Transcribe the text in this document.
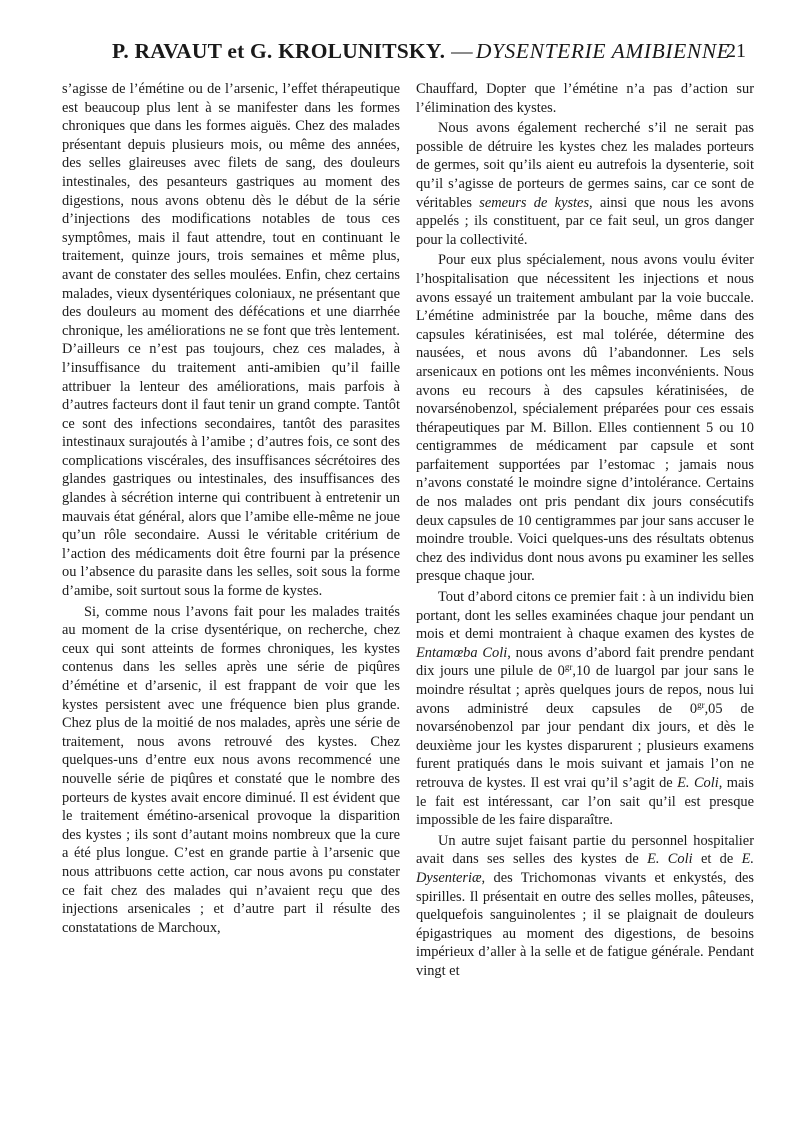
P. RAVAUT et G. KROLUNITSKY. — DYSENTERIE AMIBIENNE
21

s’agisse de l’émétine ou de l’arsenic, l’effet thérapeutique est beaucoup plus lent à se manifester dans les formes chroniques que dans les formes aiguës. Chez des malades présentant depuis plusieurs mois, ou même des années, des selles glaireuses avec filets de sang, des douleurs intestinales, des pesanteurs gastriques au moment des digestions, nous avons obtenu dès le début de la série d’injections des modifications notables de tous ces symptômes, mais il faut attendre, tout en continuant le traitement, quinze jours, trois semaines et même plus, avant de constater des selles moulées. Enfin, chez certains malades, vieux dysentériques coloniaux, ne présentant que des douleurs au moment des défécations et une diarrhée chronique, les améliorations ne se font que très lentement. D’ailleurs ce n’est pas toujours, chez ces malades, à l’insuffisance du traitement anti-amibien qu’il faille attribuer la lenteur des améliorations, mais parfois à d’autres facteurs dont il faut tenir un grand compte. Tantôt ce sont des infections secondaires, tantôt des parasites intestinaux surajoutés à l’amibe ; d’autres fois, ce sont des complications viscérales, des insuffisances sécrétoires des glandes gastriques ou intestinales, des insuffisances des glandes à sécrétion interne qui contribuent à entretenir un mauvais état général, alors que l’amibe elle-même ne joue qu’un rôle secondaire. Aussi le véritable critérium de l’action des médicaments doit être fourni par la présence ou l’absence du parasite dans les selles, soit sous la forme d’amibe, soit surtout sous la forme de kystes.

Si, comme nous l’avons fait pour les malades traités au moment de la crise dysentérique, on recherche, chez ceux qui sont atteints de formes chroniques, les kystes contenus dans les selles après une série de piqûres d’émétine et d’arsenic, il est frappant de voir que les kystes persistent avec une fréquence bien plus grande. Chez plus de la moitié de nos malades, après une série de traitement, nous avons retrouvé des kystes. Chez quelques-uns d’entre eux nous avons recommencé une nouvelle série de piqûres et constaté que le nombre des porteurs de kystes avait encore diminué. Il est évident que le traitement émétino-arsenical provoque la disparition des kystes ; ils sont d’autant moins nombreux que la cure a été plus longue. C’est en grande partie à l’arsenic que nous attribuons cette action, car nous avons pu constater ce fait chez des malades qui n’avaient reçu que des injections arsenicales ; et d’autre part il résulte des constatations de Marchoux,

Chauffard, Dopter que l’émétine n’a pas d’action sur l’élimination des kystes.

Nous avons également recherché s’il ne serait pas possible de détruire les kystes chez les malades porteurs de germes, soit qu’ils aient eu autrefois la dysenterie, soit qu’il s’agisse de porteurs de germes sains, car ce sont de véritables semeurs de kystes, ainsi que nous les avons appelés ; ils constituent, par ce fait seul, un gros danger pour la collectivité.

Pour eux plus spécialement, nous avons voulu éviter l’hospitalisation que nécessitent les injections et nous avons essayé un traitement ambulant par la voie buccale. L’émétine administrée par la bouche, même dans des capsules kératinisées, est mal tolérée, détermine des nausées, et nous avons dû l’abandonner. Les sels arsenicaux en potions ont les mêmes inconvénients. Nous avons eu recours à des capsules kératinisées, de novarsénobenzol, spécialement préparées pour ces essais thérapeutiques par M. Billon. Elles contiennent 5 ou 10 centigrammes de médicament par capsule et sont parfaitement supportées par l’estomac ; jamais nous n’avons constaté le moindre signe d’intolérance. Certains de nos malades ont pris pendant dix jours consécutifs deux capsules de 10 centigrammes par jour sans accuser le moindre trouble. Voici quelques-uns des résultats obtenus chez des individus dont nous avons pu examiner les selles presque chaque jour.

Tout d’abord citons ce premier fait : à un individu bien portant, dont les selles examinées chaque jour pendant un mois et demi montraient à chaque examen des kystes de Entamœba Coli, nous avons d’abord fait prendre pendant dix jours une pilule de $0^{gr},10$ de luargol par jour sans le moindre résultat ; après quelques jours de repos, nous lui avons administré deux capsules de $0^{gr},05$ de novarsénobenzol par jour pendant dix jours, et dès le deuxième jour les kystes disparurent ; plusieurs examens furent pratiqués dans le mois suivant et jamais l’on ne retrouva de kystes. Il est vrai qu’il s’agit de E. Coli, mais le fait est intéressant, car l’on sait qu’il est presque impossible de les faire disparaître.

Un autre sujet faisant partie du personnel hospitalier avait dans ses selles des kystes de E. Coli et de E. Dysenteriæ, des Trichomonas vivants et enkystés, des spirilles. Il présentait en outre des selles molles, pâteuses, quelquefois sanguinolentes ; il se plaignait de douleurs épigastriques au moment des digestions, de besoins impérieux d’aller à la selle et de fatigue générale. Pendant vingt et
